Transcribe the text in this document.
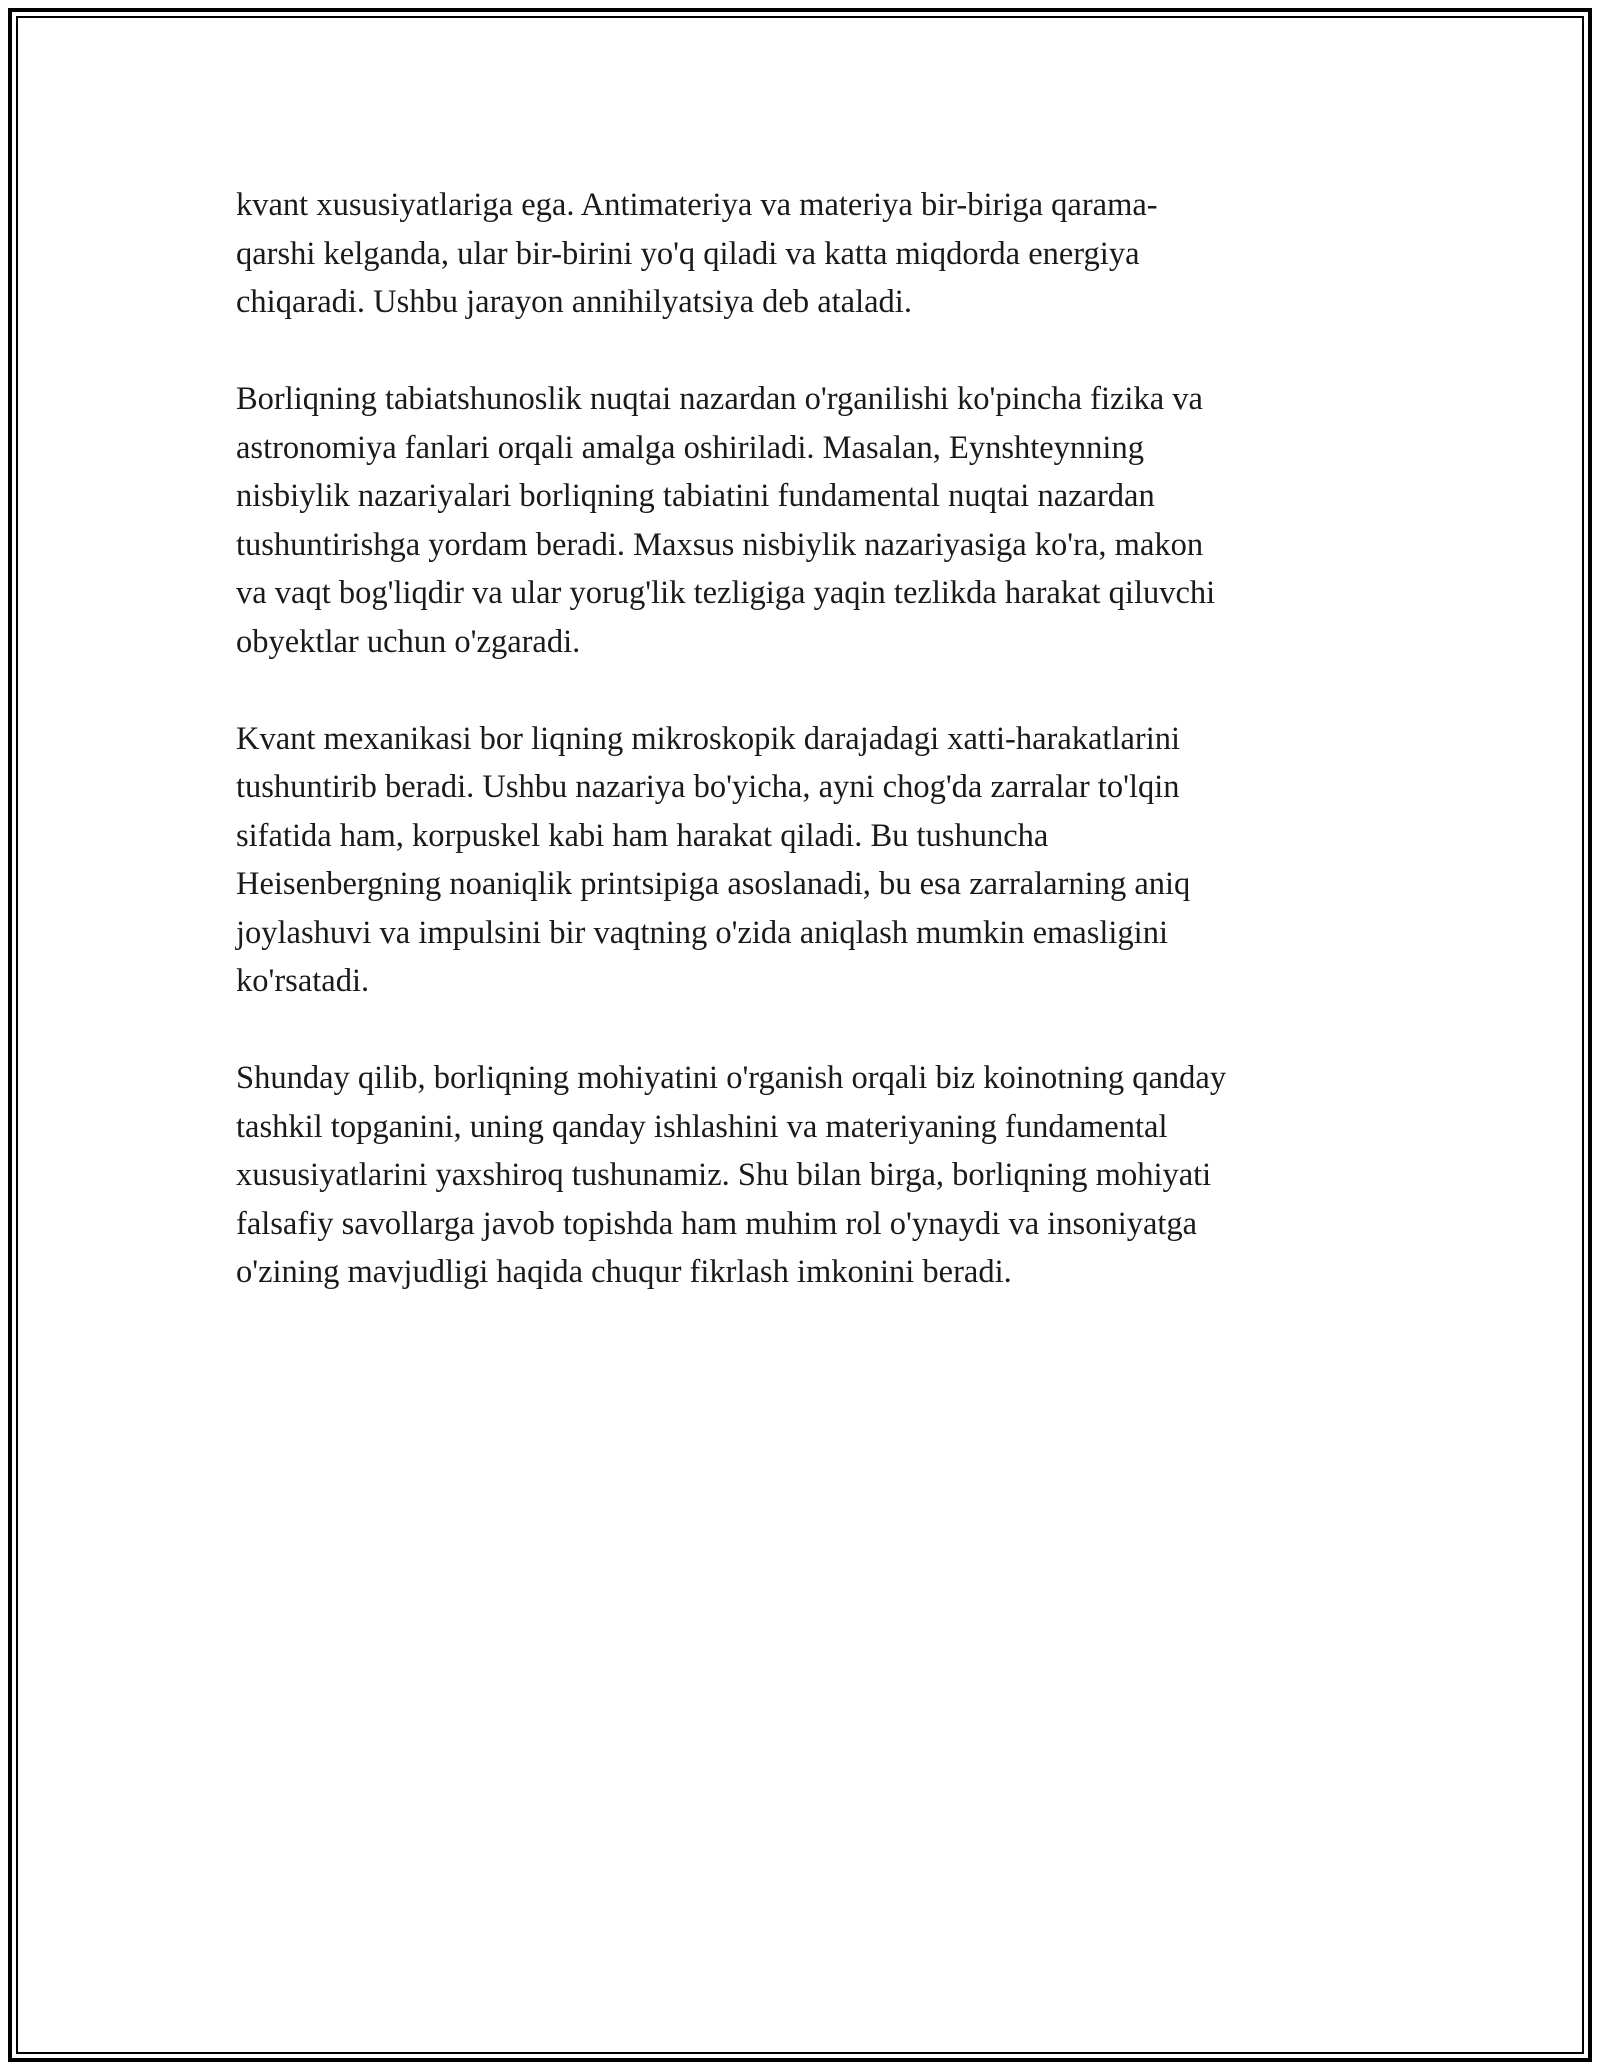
kvant xususiyatlariga ega. Antimateriya va materiya bir-biriga qarama-
qarshi kelganda, ular bir-birini yo'q qiladi va katta miqdorda energiya
chiqaradi. Ushbu jarayon annihilyatsiya deb ataladi.

Borliqning tabiatshunoslik nuqtai nazardan o'rganilishi ko'pincha fizika va
astronomiya fanlari orqali amalga oshiriladi. Masalan, Eynshteynning
nisbiylik nazariyalari borliqning tabiatini fundamental nuqtai nazardan
tushuntirishga yordam beradi. Maxsus nisbiylik nazariyasiga ko'ra, makon
va vaqt bog'liqdir va ular yorug'lik tezligiga yaqin tezlikda harakat qiluvchi
obyektlar uchun o'zgaradi.

Kvant mexanikasi bor liqning mikroskopik darajadagi xatti-harakatlarini
tushuntirib beradi. Ushbu nazariya bo'yicha, ayni chog'da zarralar to'lqin
sifatida ham, korpuskel kabi ham harakat qiladi. Bu tushuncha
Heisenbergning noaniqlik printsipiga asoslanadi, bu esa zarralarning aniq
joylashuvi va impulsini bir vaqtning o'zida aniqlash mumkin emasligini
ko'rsatadi.

Shunday qilib, borliqning mohiyatini o'rganish orqali biz koinotning qanday
tashkil topganini, uning qanday ishlashini va materiyaning fundamental
xususiyatlarini yaxshiroq tushunamiz. Shu bilan birga, borliqning mohiyati
falsafiy savollarga javob topishda ham muhim rol o'ynaydi va insoniyatga
o'zining mavjudligi haqida chuqur fikrlash imkonini beradi.
